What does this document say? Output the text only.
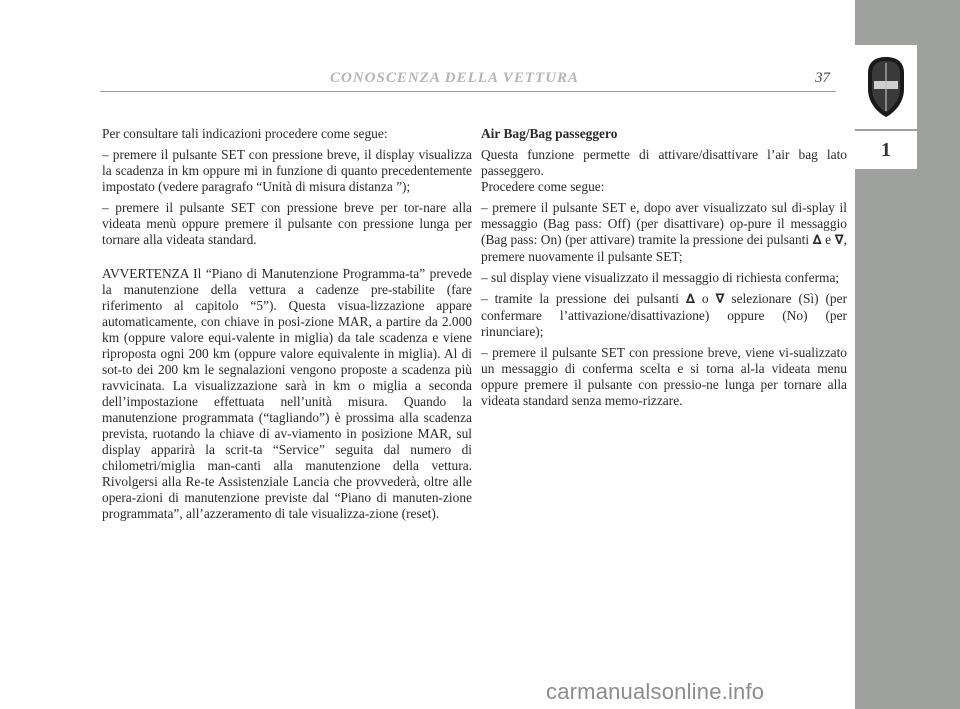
CONOSCENZA DELLA VETTURA	37
1

Per consultare tali indicazioni procedere come segue:

– premere il pulsante SET con pressione breve, il display visualizza la scadenza in km oppure mi in funzione di quanto precedentemente impostato (vedere paragrafo “Unità di misura distanza ”);

– premere il pulsante SET con pressione breve per tor-nare alla videata menù oppure premere il pulsante con pressione lunga per tornare alla videata standard.

AVVERTENZA Il “Piano di Manutenzione Programma-ta” prevede la manutenzione della vettura a cadenze pre-stabilite (fare riferimento al capitolo “5”). Questa visua-lizzazione appare automaticamente, con chiave in posi-zione MAR, a partire da 2.000 km (oppure valore equi-valente in miglia) da tale scadenza e viene riproposta ogni 200 km (oppure valore equivalente in miglia). Al di sot-to dei 200 km le segnalazioni vengono proposte a scadenza più ravvicinata. La visualizzazione sarà in km o miglia a seconda dell’impostazione effettuata nell’unità misura. Quando la manutenzione programmata (“tagliando”) è prossima alla scadenza prevista, ruotando la chiave di av-viamento in posizione MAR, sul display apparirà la scrit-ta “Service” seguita dal numero di chilometri/miglia man-canti alla manutenzione della vettura. Rivolgersi alla Re-te Assistenziale Lancia che provvederà, oltre alle opera-zioni di manutenzione previste dal “Piano di manuten-zione programmata”, all’azzeramento di tale visualizza-zione (reset).

Air Bag/Bag passeggero

Questa funzione permette di attivare/disattivare l’air bag lato passeggero.

Procedere come segue:

– premere il pulsante SET e, dopo aver visualizzato sul di-splay il messaggio (Bag pass: Off) (per disattivare) op-pure il messaggio (Bag pass: On) (per attivare) tramite la pressione dei pulsanti ∆ e ∇, premere nuovamente il pulsante SET;

– sul display viene visualizzato il messaggio di richiesta conferma;

– tramite la pressione dei pulsanti ∆ o ∇ selezionare (Sì) (per confermare l’attivazione/disattivazione) oppure (No) (per rinunciare);

– premere il pulsante SET con pressione breve, viene vi-sualizzato un messaggio di conferma scelta e si torna al-la videata menu oppure premere il pulsante con pressio-ne lunga per tornare alla videata standard senza memo-rizzare.

carmanualsonline.info
